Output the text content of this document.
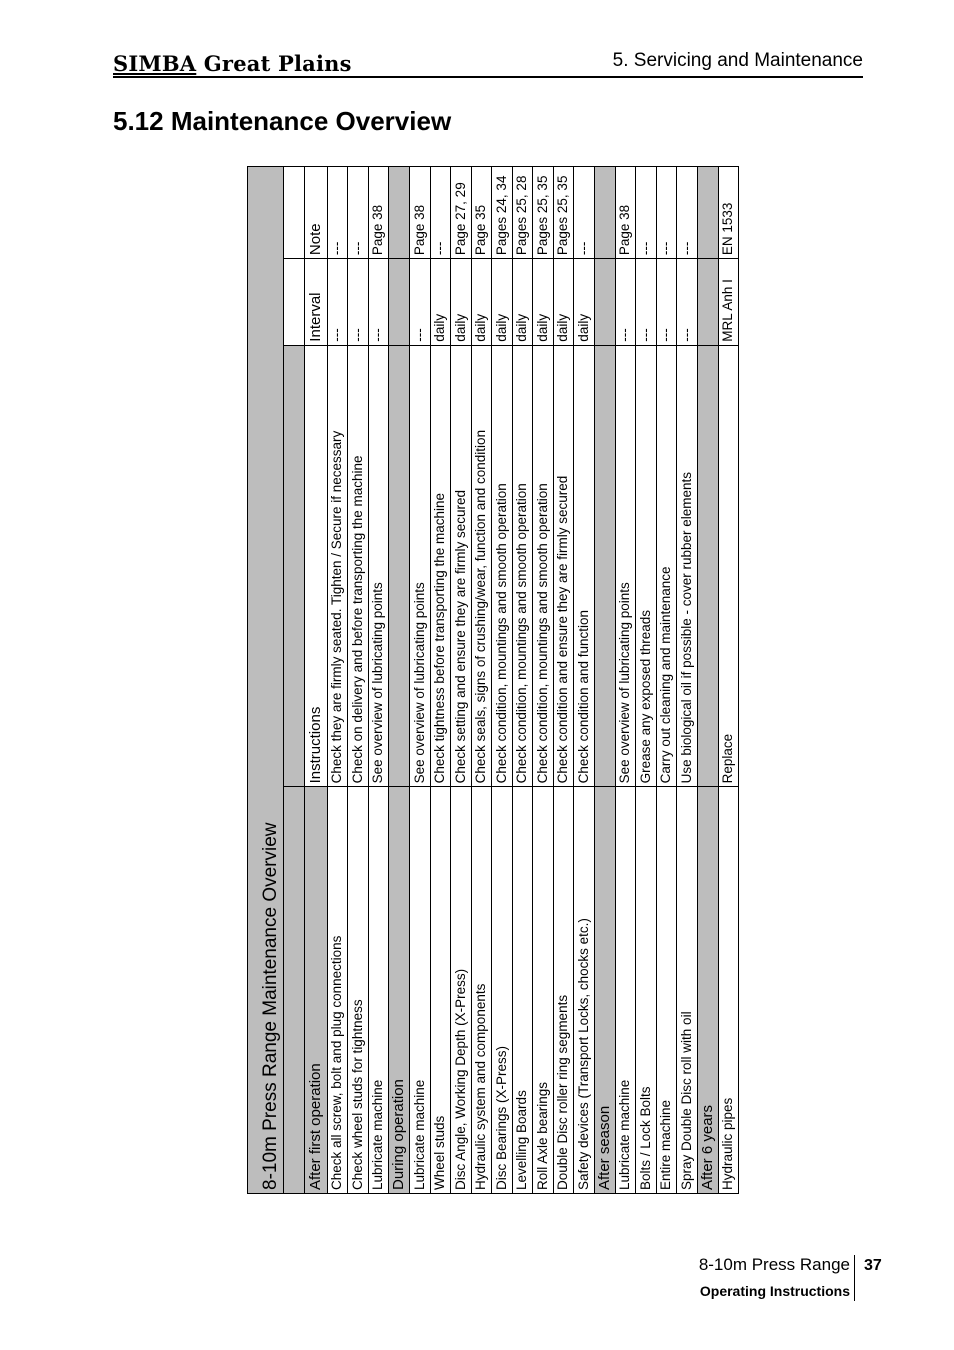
SIMBA Great Plains	5. Servicing and Maintenance
5.12 Maintenance Overview
8-10m Press Range Maintenance Overview			

After first operation	Instructions	Interval	Note
Check all screw, bolt and plug connections	Check they are firmly seated. Tighten / Secure if necessary	---	---
Check wheel studs for tightness	Check on delivery and before transporting the machine	---	---
Lubricate machine	See overview of lubricating points	---	Page 38
During operation			
Lubricate machine	See overview of lubricating points	---	Page 38
Wheel studs	Check tightness before transporting the machine	daily	---
Disc Angle, Working Depth (X-Press)	Check setting and ensure they are firmly secured	daily	Page 27, 29
Hydraulic system and components	Check seals, signs of crushing/wear, function and condition	daily	Page 35
Disc Bearings (X-Press)	Check condition, mountings and smooth operation	daily	Pages 24, 34
Levelling Boards	Check condition, mountings and smooth operation	daily	Pages 25, 28
Roll Axle bearings	Check condition, mountings and smooth operation	daily	Pages 25, 35
Double Disc roller ring segments	Check condition and ensure they are firmly secured	daily	Pages 25, 35
Safety devices (Transport Locks, chocks etc.)	Check condition and function	daily	---
After season			
Lubricate machine	See overview of lubricating points	---	Page 38
Bolts / Lock Bolts	Grease any exposed threads	---	---
Entire machine	Carry out cleaning and maintenance	---	---
Spray Double Disc roll with oil	Use biological oil if possible - cover rubber elements	---	---
After 6 years			
Hydraulic pipes	Replace	MRL Anh I	EN 1533
8-10m Press Range
Operating Instructions
37
